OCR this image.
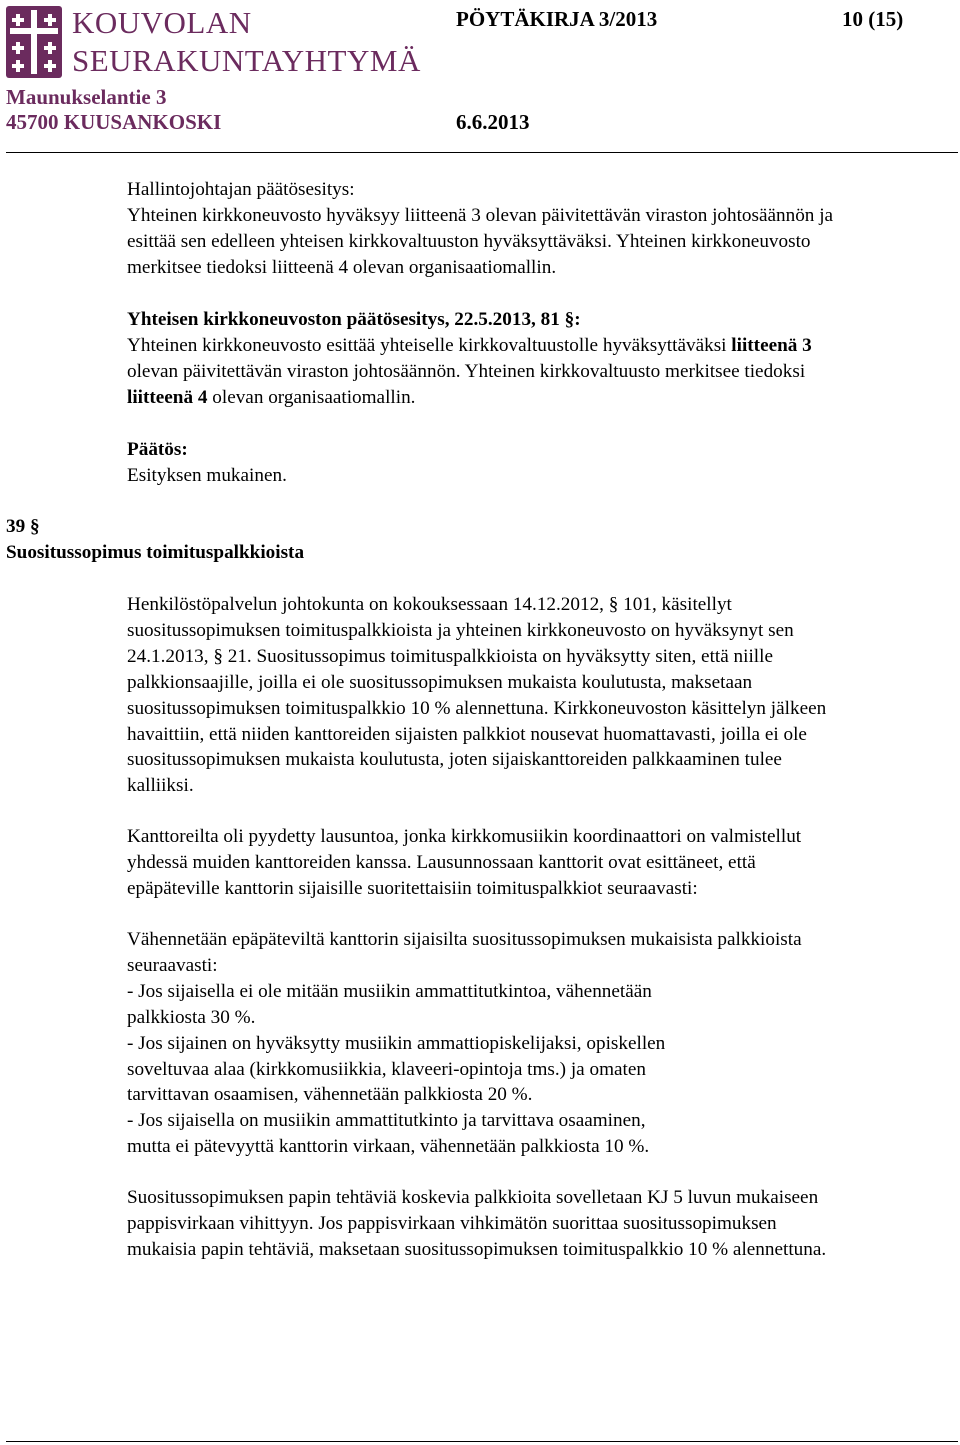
KOUVOLAN
SEURAKUNTAYHTYMÄ
Maunukselantie 3
45700 KUUSANKOSKI
PÖYTÄKIRJA 3/2013	10 (15)
6.6.2013

Hallintojohtajan päätösesitys:

Yhteinen kirkkoneuvosto hyväksyy liitteenä 3 olevan päivitettävän viraston johtosäännön ja
esittää sen edelleen yhteisen kirkkovaltuuston hyväksyttäväksi. Yhteinen kirkkoneuvosto
merkitsee tiedoksi liitteenä 4 olevan organisaatiomallin.

Yhteisen kirkkoneuvoston päätösesitys, 22.5.2013, 81 §:

Yhteinen kirkkoneuvosto esittää yhteiselle kirkkovaltuustolle hyväksyttäväksi liitteenä 3
olevan päivitettävän viraston johtosäännön. Yhteinen kirkkovaltuusto merkitsee tiedoksi
liitteenä 4 olevan organisaatiomallin.

Päätös:

Esityksen mukainen.

39 §
Suositussopimus toimituspalkkioista
Henkilöstöpalvelun johtokunta on kokouksessaan 14.12.2012, § 101, käsitellyt
suositussopimuksen toimituspalkkioista ja yhteinen kirkkoneuvosto on hyväksynyt sen
24.1.2013, § 21. Suositussopimus toimituspalkkioista on hyväksytty siten, että niille
palkkionsaajille, joilla ei ole suositussopimuksen mukaista koulutusta, maksetaan
suositussopimuksen toimituspalkkio 10 % alennettuna. Kirkkoneuvoston käsittelyn jälkeen
havaittiin, että niiden kanttoreiden sijaisten palkkiot nousevat huomattavasti, joilla ei ole
suositussopimuksen mukaista koulutusta, joten sijaiskanttoreiden palkkaaminen tulee
kalliiksi.
Kanttoreilta oli pyydetty lausuntoa, jonka kirkkomusiikin koordinaattori on valmistellut
yhdessä muiden kanttoreiden kanssa. Lausunnossaan kanttorit ovat esittäneet, että
epäpäteville kanttorin sijaisille suoritettaisiin toimituspalkkiot seuraavasti:
Vähennetään epäpäteviltä kanttorin sijaisilta suositussopimuksen mukaisista palkkioista
seuraavasti:
- Jos sijaisella ei ole mitään musiikin ammattitutkintoa, vähennetään
palkkiosta 30 %.
- Jos sijainen on hyväksytty musiikin ammattiopiskelijaksi, opiskellen
soveltuvaa alaa (kirkkomusiikkia, klaveeri-opintoja tms.) ja omaten
tarvittavan osaamisen, vähennetään palkkiosta 20 %.
- Jos sijaisella on musiikin ammattitutkinto ja tarvittava osaaminen,
mutta ei pätevyyttä kanttorin virkaan, vähennetään palkkiosta 10 %.
Suositussopimuksen papin tehtäviä koskevia palkkioita sovelletaan KJ 5 luvun mukaiseen
pappisvirkaan vihittyyn. Jos pappisvirkaan vihkimätön suorittaa suositussopimuksen
mukaisia papin tehtäviä, maksetaan suositussopimuksen toimituspalkkio 10 % alennettuna.
